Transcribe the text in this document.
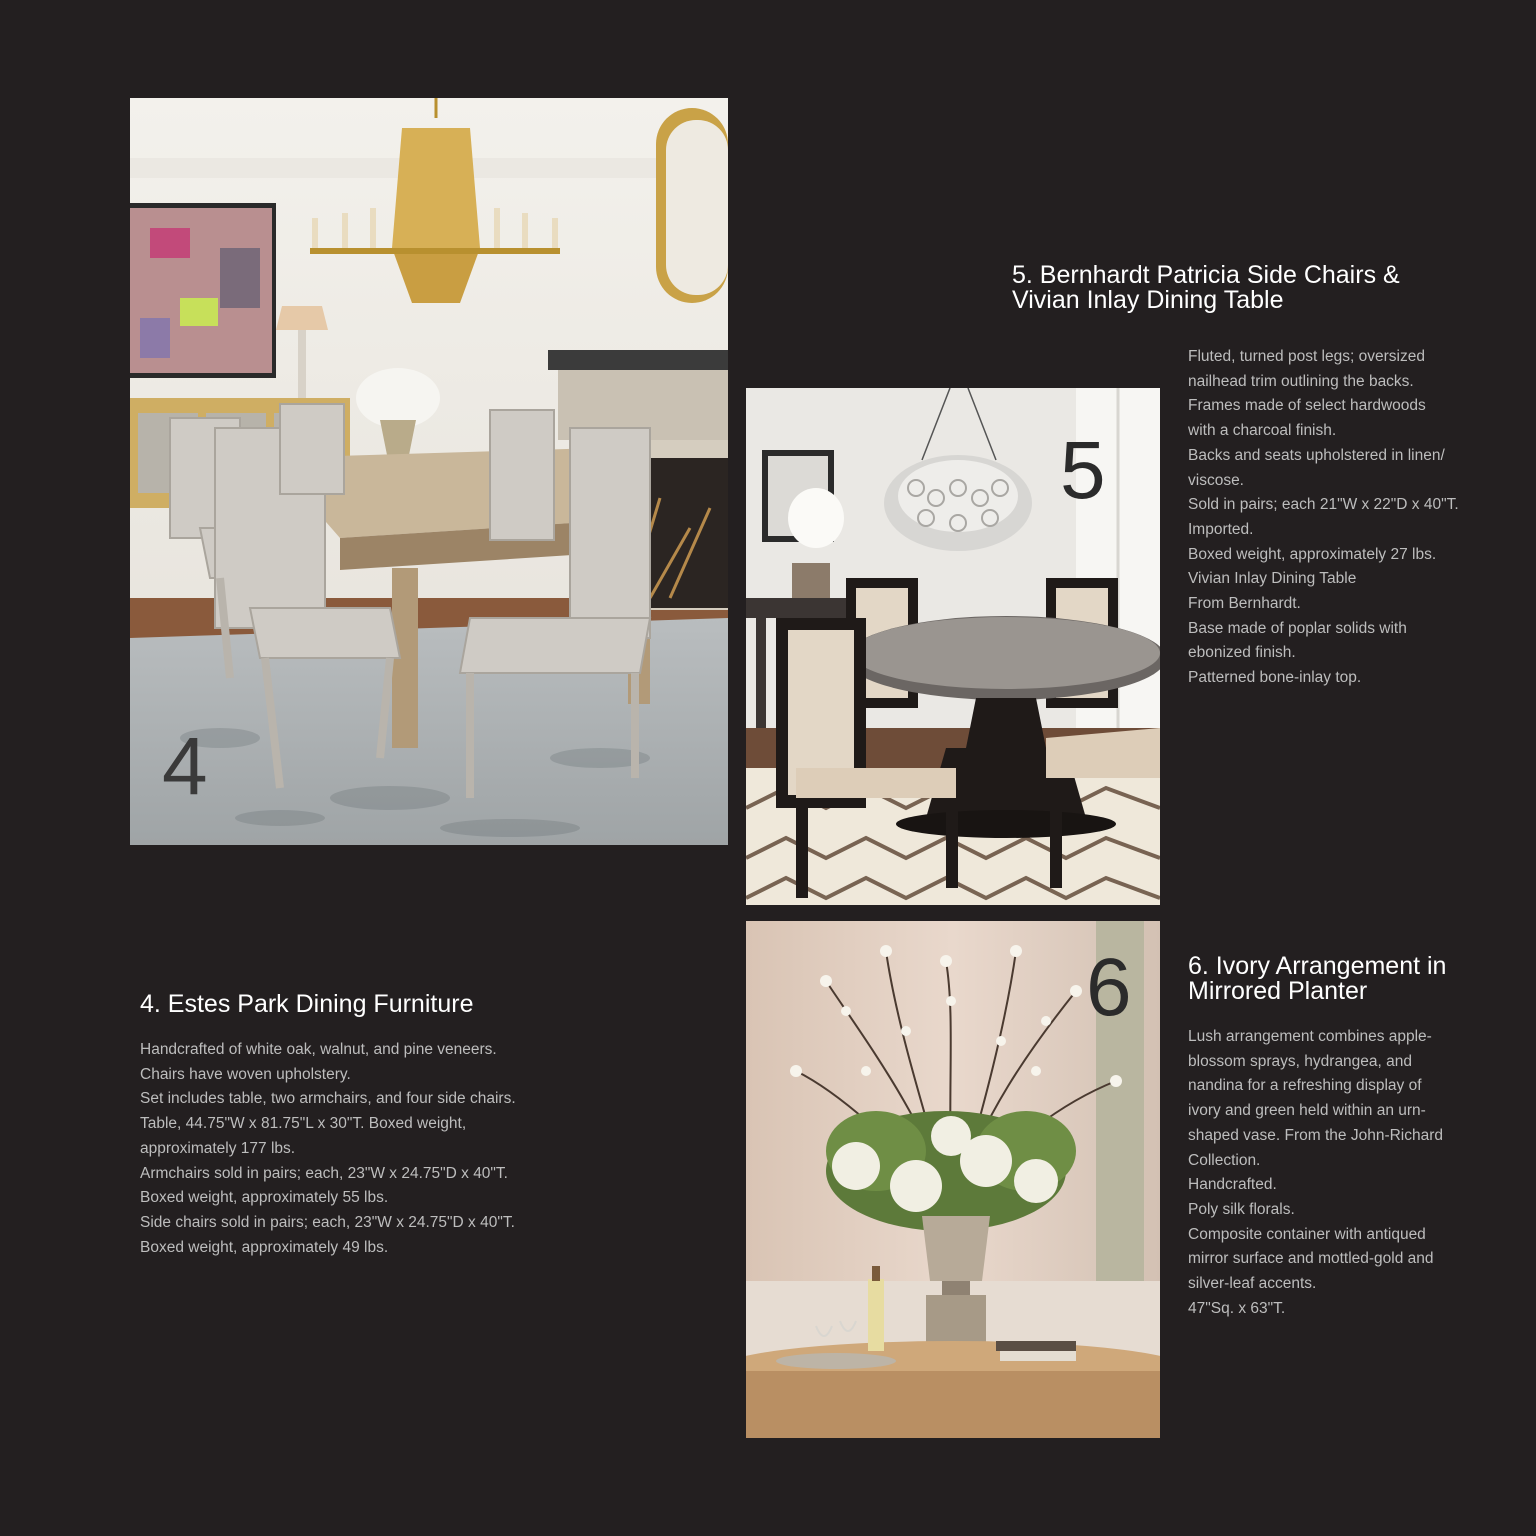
4
5
6
5. Bernhardt Patricia Side Chairs &
Vivian Inlay Dining Table
Fluted, turned post legs; oversized
nailhead trim outlining the backs.
Frames made of select hardwoods
with a charcoal finish.
Backs and seats upholstered in linen/
viscose.
Sold in pairs; each 21"W x 22"D x 40"T.
Imported.
Boxed weight, approximately 27 lbs.
Vivian Inlay Dining Table
From Bernhardt.
Base made of poplar solids with
ebonized finish.
Patterned bone-inlay top.
4. Estes Park Dining Furniture
Handcrafted of white oak, walnut, and pine veneers.
Chairs have woven upholstery.
Set includes table, two armchairs, and four side chairs.
Table, 44.75"W x 81.75"L x 30"T. Boxed weight,
approximately 177 lbs.
Armchairs sold in pairs; each, 23"W x 24.75"D x 40"T.
Boxed weight, approximately 55 lbs.
Side chairs sold in pairs; each, 23"W x 24.75"D x 40"T.
Boxed weight, approximately 49 lbs.
6. Ivory Arrangement in
Mirrored Planter
Lush arrangement combines apple-
blossom sprays, hydrangea, and
nandina for a refreshing display of
ivory and green held within an urn-
shaped vase. From the John-Richard
Collection.
Handcrafted.
Poly silk florals.
Composite container with antiqued
mirror surface and mottled-gold and
silver-leaf accents.
47"Sq. x 63"T.
